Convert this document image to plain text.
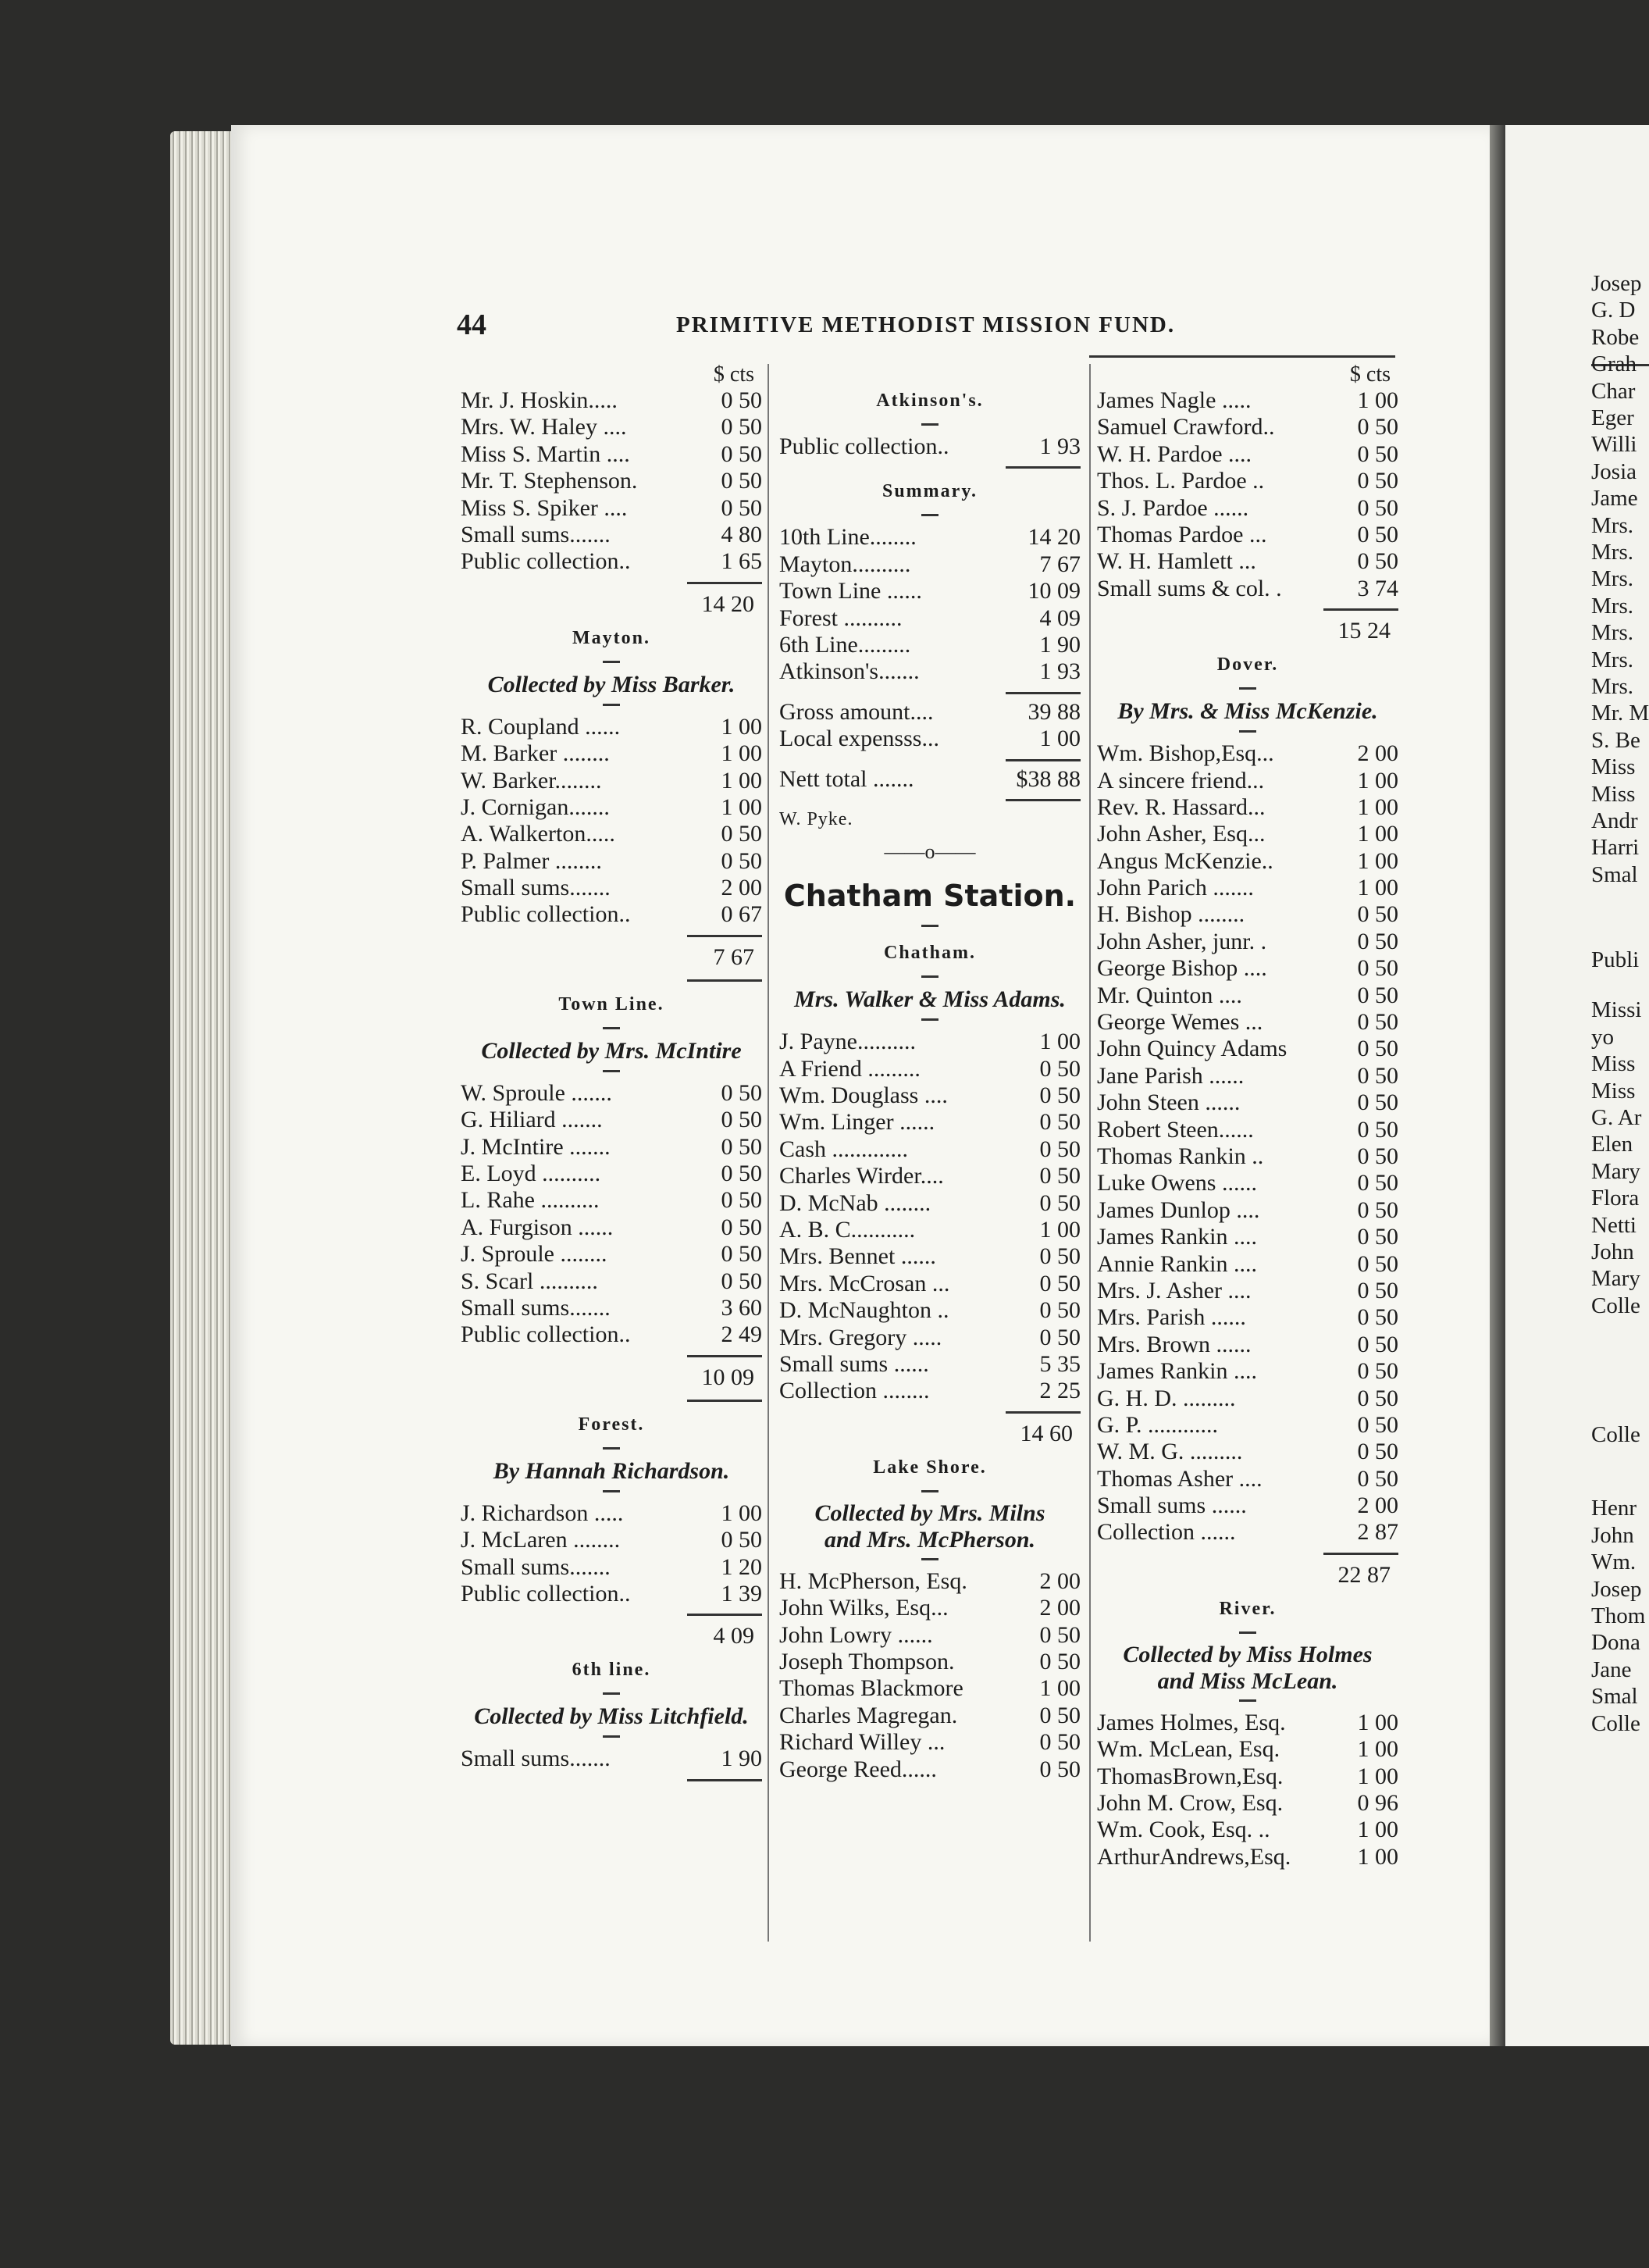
Josep
G. D
Robe
Grah
Char
Eger
Willi
Josia
Jame
Mrs.
Mrs.
Mrs.
Mrs.
Mrs.
Mrs.
Mrs.
Mr. M
S. Be
Miss
Miss
Andr
Harri
Smal
Publi
Missi
yo
Miss
Miss
G. Ar
Elen
Mary
Flora
Netti
John
Mary
Colle
Colle
Henr
John
Wm.
Josep
Thom
Dona
Jane
Smal
Colle
44	PRIMITIVE METHODIST MISSION FUND.
$ cts
Mr. J. Hoskin.....	0 50
Mrs. W. Haley ....	0 50
Miss S. Martin ....	0 50
Mr. T. Stephenson.	0 50
Miss S. Spiker ....	0 50
Small sums.......	4 80
Public collection..	1 65
14 20
Mayton.
Collected by Miss Barker.
R. Coupland ......	1 00
M. Barker ........	1 00
W. Barker........	1 00
J. Cornigan.......	1 00
A. Walkerton.....	0 50
P. Palmer ........	0 50
Small sums.......	2 00
Public collection..	0 67
7 67
Town Line.
Collected by Mrs. McIntire
W. Sproule .......	0 50
G. Hiliard .......	0 50
J. McIntire .......	0 50
E. Loyd ..........	0 50
L. Rahe ..........	0 50
A. Furgison ......	0 50
J. Sproule ........	0 50
S. Scarl ..........	0 50
Small sums.......	3 60
Public collection..	2 49
10 09
Forest.
By Hannah Richardson.
J. Richardson .....	1 00
J. McLaren ........	0 50
Small sums.......	1 20
Public collection..	1 39
4 09
6th line.
Collected by Miss Litchfield.
Small sums.......	1 90
Atkinson's.
Public collection..	1 93
Summary.
10th Line........	14 20
Mayton..........	7 67
Town Line ......	10 09
Forest ..........	4 09
6th Line.........	1 90
Atkinson's.......	1 93
Gross amount....	39 88
Local expensss...	1 00
Nett total .......	$38 88
W. Pyke.
——o——
Chatham Station.
Chatham.
Mrs. Walker & Miss Adams.
J. Payne..........	1 00
A Friend .........	0 50
Wm. Douglass ....	0 50
Wm. Linger ......	0 50
Cash .............	0 50
Charles Wirder....	0 50
D. McNab ........	0 50
A. B. C...........	1 00
Mrs. Bennet ......	0 50
Mrs. McCrosan ...	0 50
D. McNaughton ..	0 50
Mrs. Gregory .....	0 50
Small sums ......	5 35
Collection ........	2 25
14 60
Lake Shore.
Collected by Mrs. Milns
and Mrs. McPherson.
H. McPherson, Esq.	2 00
John Wilks, Esq...	2 00
John Lowry ......	0 50
Joseph Thompson.	0 50
Thomas Blackmore	1 00
Charles Magregan.	0 50
Richard Willey ...	0 50
George Reed......	0 50
$ cts
James Nagle .....	1 00
Samuel Crawford..	0 50
W. H. Pardoe ....	0 50
Thos. L. Pardoe ..	0 50
S. J. Pardoe ......	0 50
Thomas Pardoe ...	0 50
W. H. Hamlett ...	0 50
Small sums & col. .	3 74
15 24
Dover.
By Mrs. & Miss McKenzie.
Wm. Bishop,Esq...	2 00
A sincere friend...	1 00
Rev. R. Hassard...	1 00
John Asher, Esq...	1 00
Angus McKenzie..	1 00
John Parich .......	1 00
H. Bishop ........	0 50
John Asher, junr. .	0 50
George Bishop ....	0 50
Mr. Quinton ....	0 50
George Wemes ...	0 50
John Quincy Adams	0 50
Jane Parish ......	0 50
John Steen ......	0 50
Robert Steen......	0 50
Thomas Rankin ..	0 50
Luke Owens ......	0 50
James Dunlop ....	0 50
James Rankin ....	0 50
Annie Rankin ....	0 50
Mrs. J. Asher ....	0 50
Mrs. Parish ......	0 50
Mrs. Brown ......	0 50
James Rankin ....	0 50
G. H. D. .........	0 50
G. P. ............	0 50
W. M. G. .........	0 50
Thomas Asher ....	0 50
Small sums ......	2 00
Collection ......	2 87
22 87
River.
Collected by Miss Holmes
and Miss McLean.
James Holmes, Esq.	1 00
Wm. McLean, Esq.	1 00
ThomasBrown,Esq.	1 00
John M. Crow, Esq.	0 96
Wm. Cook, Esq. ..	1 00
ArthurAndrews,Esq.	1 00
